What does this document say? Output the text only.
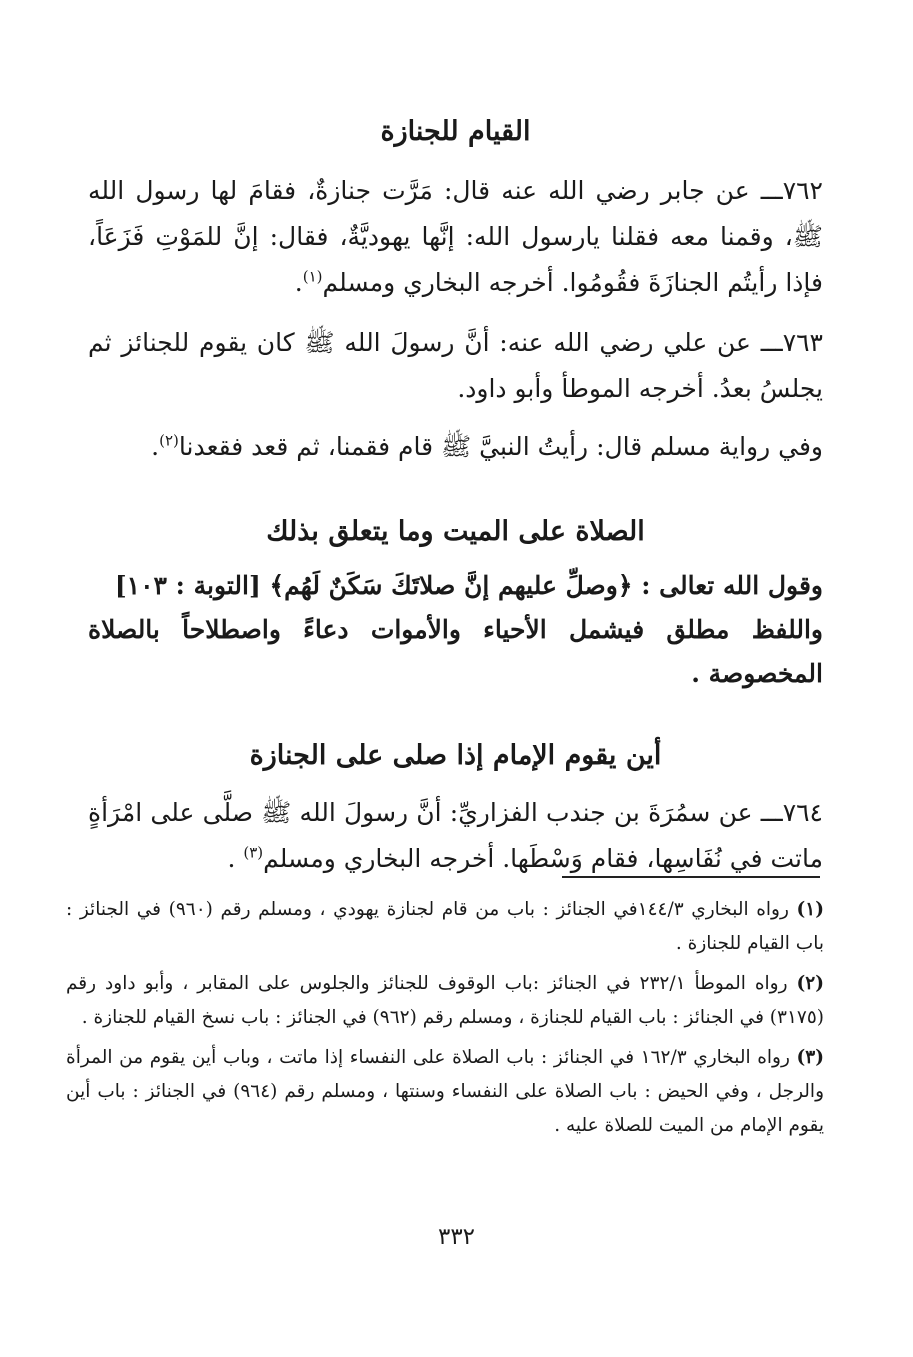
القيام للجنازة

٧٦٢ـــ عن جابر رضي الله عنه قال: مَرَّت جنازةٌ، فقامَ لها رسول الله ﷺ، وقمنا معه فقلنا يارسول الله: إنَّها يهوديَّةٌ، فقال: إنَّ للمَوْتِ فَزَعَاً، فإذا رأيتُم الجنازَةَ فقُومُوا. أخرجه البخاري ومسلم$^{(١)}$.

٧٦٣ـــ عن علي رضي الله عنه: أنَّ رسولَ الله ﷺ كان يقوم للجنائز ثم يجلسُ بعدُ. أخرجه الموطأ وأبو داود.

وفي رواية مسلم قال: رأيتُ النبيَّ ﷺ قام فقمنا، ثم قعد فقعدنا$^{(٢)}$.

الصلاة على الميت وما يتعلق بذلك

وقول الله تعالى : ﴿وصلِّ عليهم إنَّ صلاتَكَ سَكَنٌ لَهُم﴾ [التوبة : ١٠٣]

واللفظ مطلق فيشمل الأحياء والأموات دعاءً واصطلاحاً بالصلاة المخصوصة .

أين يقوم الإمام إذا صلى على الجنازة

٧٦٤ـــ عن سمُرَةَ بن جندب الفزاريِّ: أنَّ رسولَ الله ﷺ صلَّى على امْرَأةٍ ماتت في نُفَاسِها، فقام وَسْطَها. أخرجه البخاري ومسلم$^{(٣)}$ .

(١) رواه البخاري ١٤٤/٣في الجنائز : باب من قام لجنازة يهودي ، ومسلم رقم (٩٦٠) في الجنائز : باب القيام للجنازة .

(٢) رواه الموطأ ٢٣٢/١ في الجنائز :باب الوقوف للجنائز والجلوس على المقابر ، وأبو داود رقم (٣١٧٥) في الجنائز : باب القيام للجنازة ، ومسلم رقم (٩٦٢) في الجنائز : باب نسخ القيام للجنازة .

(٣) رواه البخاري ١٦٢/٣ في الجنائز : باب الصلاة على النفساء إذا ماتت ، وباب أين يقوم من المرأة والرجل ، وفي الحيض : باب الصلاة على النفساء وسنتها ، ومسلم رقم (٩٦٤) في الجنائز : باب أين يقوم الإمام من الميت للصلاة عليه .

٣٣٢
